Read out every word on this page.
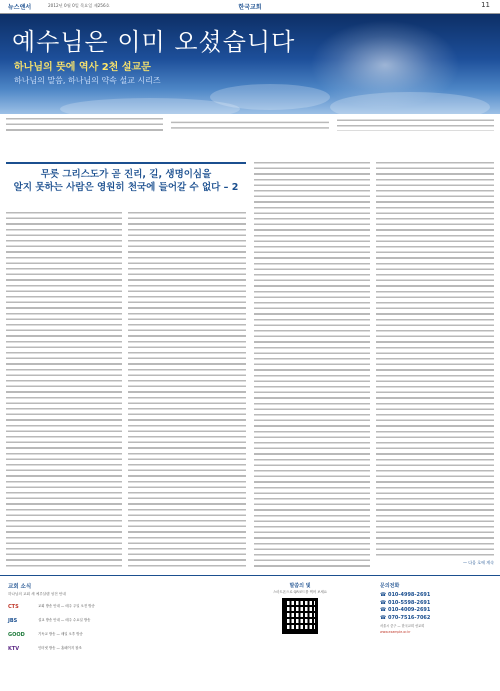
뉴스앤서	2012년 0월 0일 목요일 제256호	한국교회	11
예수님은 이미 오셨습니다
하나님의 뜻에 역사 2천 설교문
하나님의 말씀, 하나님의 약속 설교 시리즈
무릇 그리스도가 곧 진리, 길, 생명이심을
알지 못하는 사람은 영원히 천국에 들어갈 수 없다 – 2
— 다음 호에 계속
교회 소식
하나님의 교회 새 예루살렘 성전 안내
CTS	교회 방송 안내 — 매주 주일 오전 방송
JBS	설교 방송 안내 — 매주 수요일 방송
GOOD	기독교 방송 — 매일 오후 방송
KTV	인터넷 방송 — 홈페이지 참조
말씀의 빛
스마트폰으로 QR코드를 찍어 보세요
문의전화
☎ 010-4998-2691
☎ 010-5598-2691
☎ 010-4009-2691
☎ 070-7516-7062
서울시 중구 — 한국교회 선교회
www.example.or.kr
